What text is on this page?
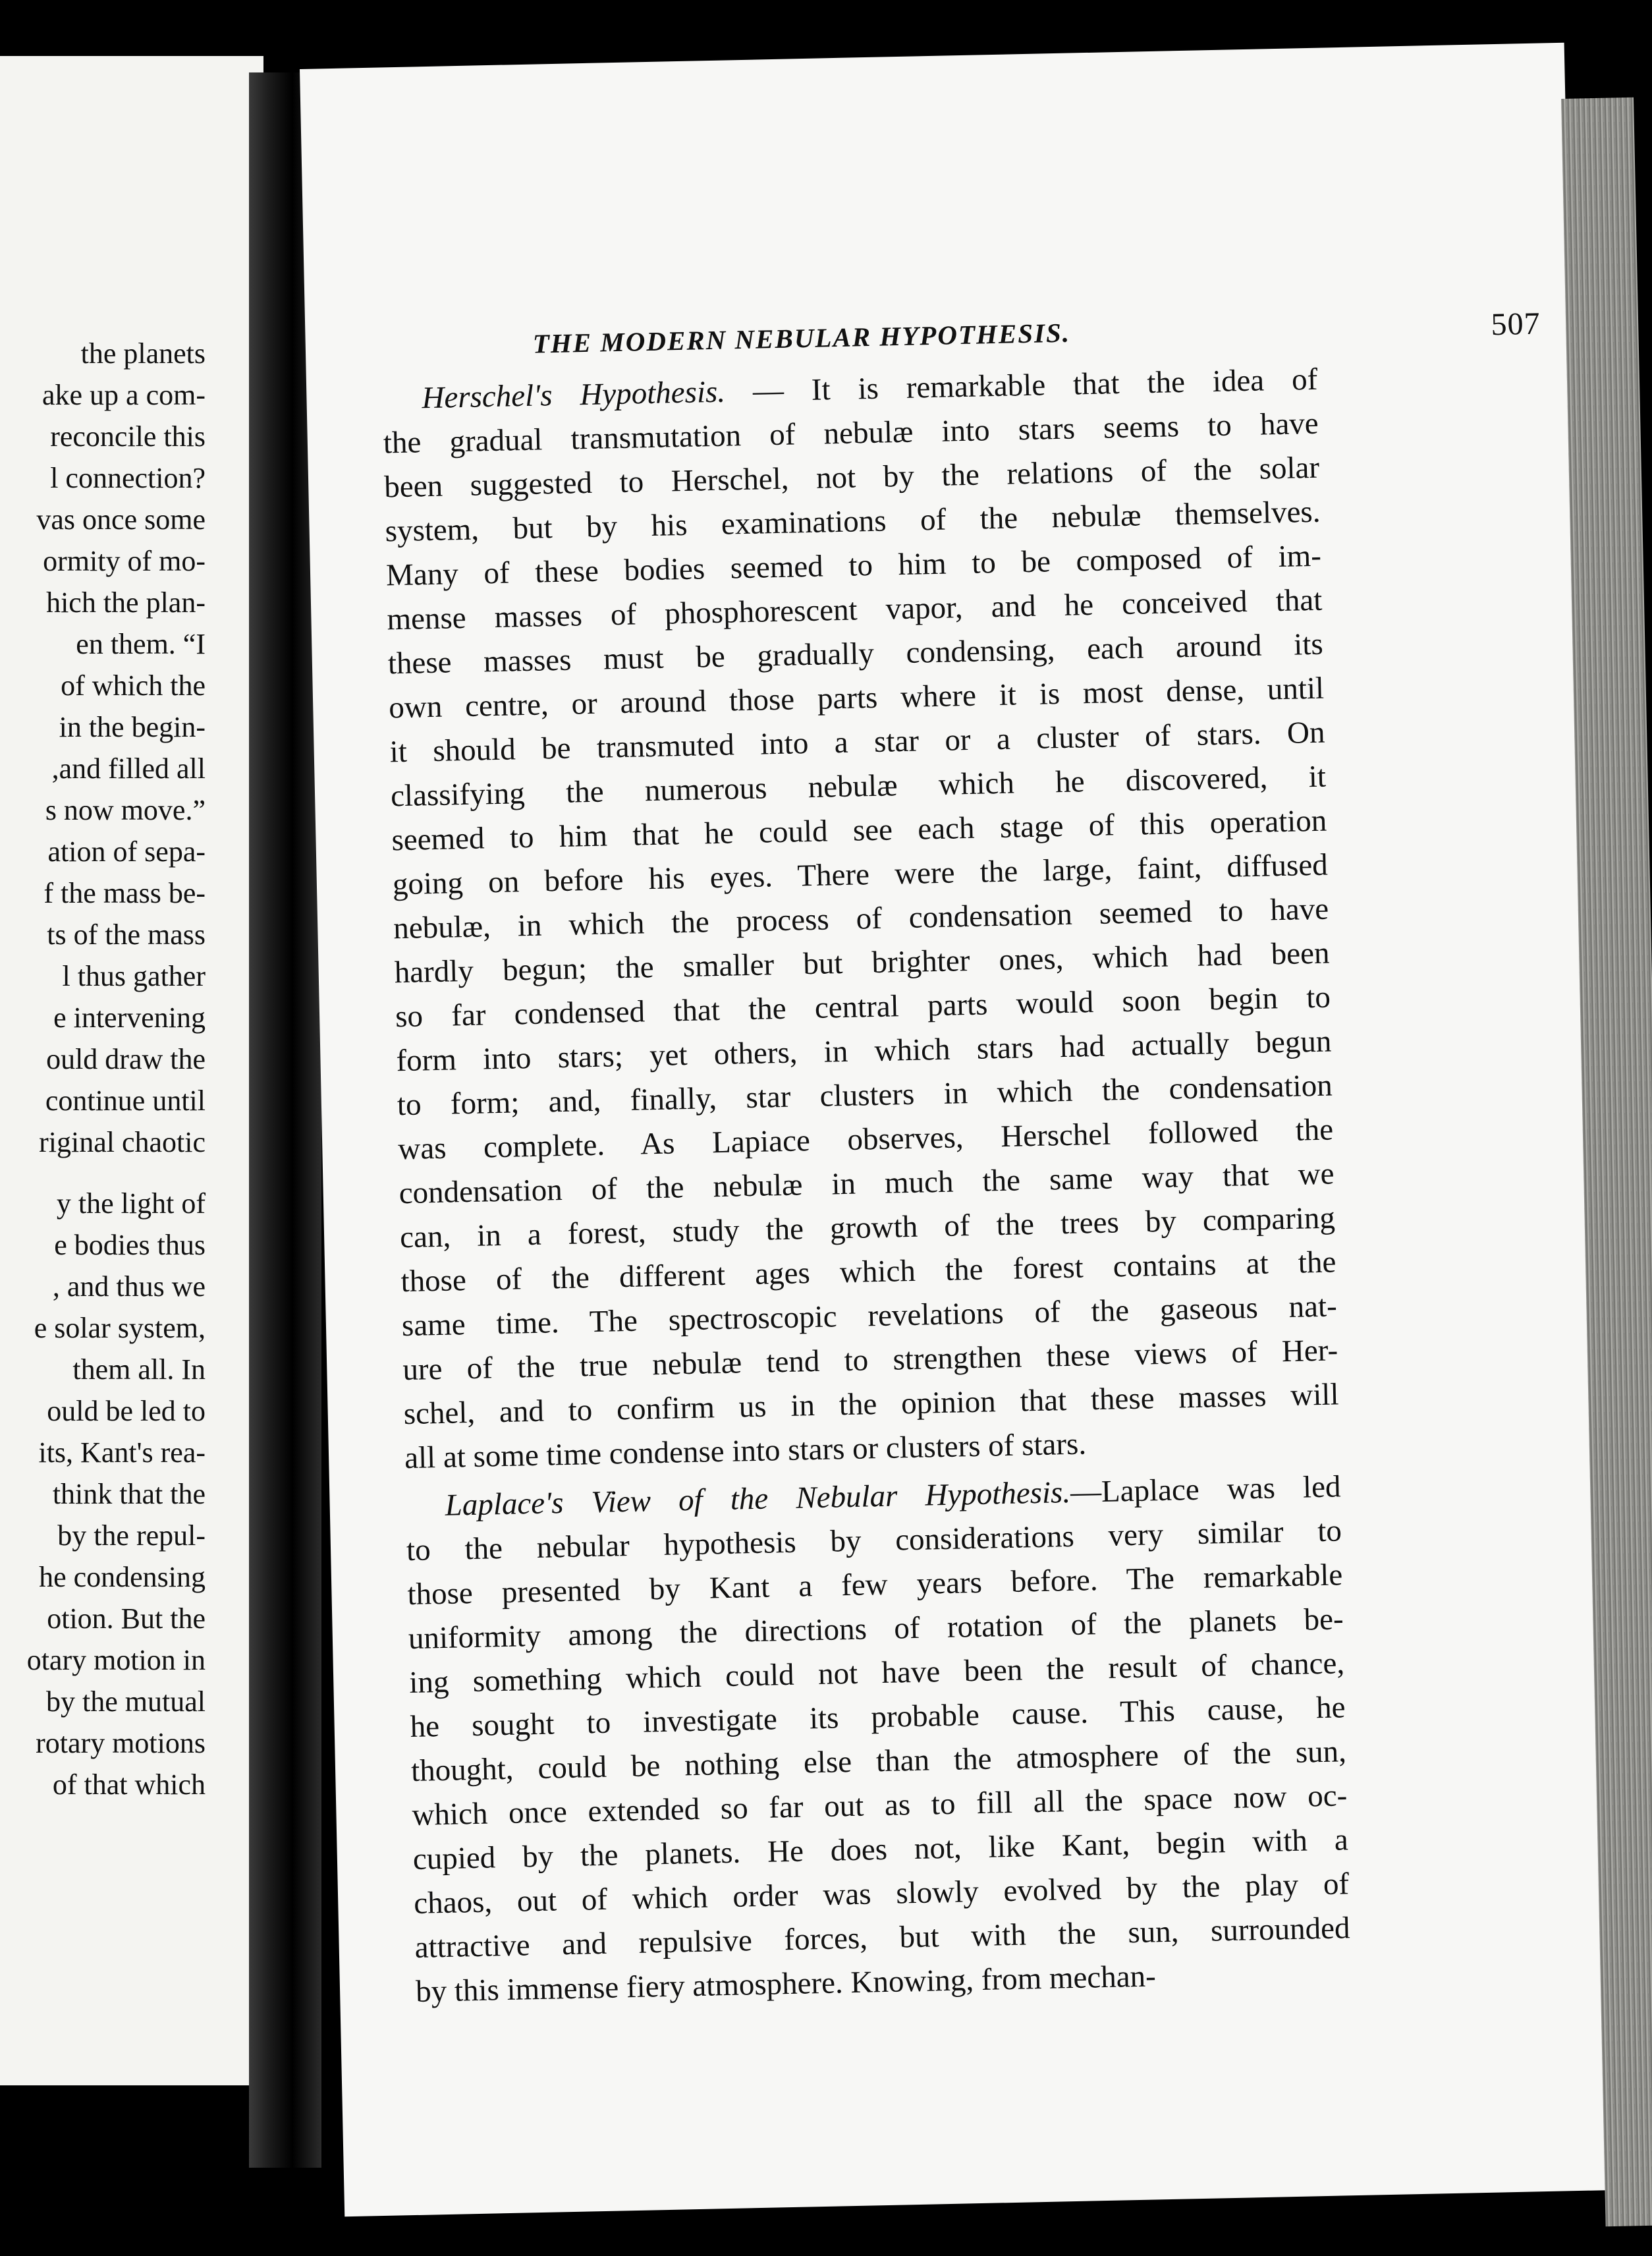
the planets
ake up a com-
reconcile this
l connection?
vas once some
ormity of mo-
hich the plan-
en them. “I
of which the
in the begin-
,and filled all
s now move.”
ation of sepa-
f the mass be-
ts of the mass
l thus gather
e intervening
ould draw the
continue until
riginal chaotic
y the light of
e bodies thus
, and thus we
e solar system,
them all. In
ould be led to
its, Kant's rea-
think that the
by the repul-
he condensing
otion. But the
otary motion in
by the mutual
rotary motions
of that which
THE MODERN NEBULAR HYPOTHESIS.	507

Herschel's Hypothesis. — It is remarkable that the idea of
the gradual transmutation of nebulæ into stars seems to have
been suggested to Herschel, not by the relations of the solar
system, but by his examinations of the nebulæ themselves.
Many of these bodies seemed to him to be composed of im-
mense masses of phosphorescent vapor, and he conceived that
these masses must be gradually condensing, each around its
own centre, or around those parts where it is most dense, until
it should be transmuted into a star or a cluster of stars. On
classifying the numerous nebulæ which he discovered, it
seemed to him that he could see each stage of this operation
going on before his eyes. There were the large, faint, diffused
nebulæ, in which the process of condensation seemed to have
hardly begun; the smaller but brighter ones, which had been
so far condensed that the central parts would soon begin to
form into stars; yet others, in which stars had actually begun
to form; and, finally, star clusters in which the condensation
was complete. As Lapiace observes, Herschel followed the
condensation of the nebulæ in much the same way that we
can, in a forest, study the growth of the trees by comparing
those of the different ages which the forest contains at the
same time. The spectroscopic revelations of the gaseous nat-
ure of the true nebulæ tend to strengthen these views of Her-
schel, and to confirm us in the opinion that these masses will
all at some time condense into stars or clusters of stars.

Laplace's View of the Nebular Hypothesis.—Laplace was led
to the nebular hypothesis by considerations very similar to
those presented by Kant a few years before. The remarkable
uniformity among the directions of rotation of the planets be-
ing something which could not have been the result of chance,
he sought to investigate its probable cause. This cause, he
thought, could be nothing else than the atmosphere of the sun,
which once extended so far out as to fill all the space now oc-
cupied by the planets. He does not, like Kant, begin with a
chaos, out of which order was slowly evolved by the play of
attractive and repulsive forces, but with the sun, surrounded
by this immense fiery atmosphere. Knowing, from mechan-
